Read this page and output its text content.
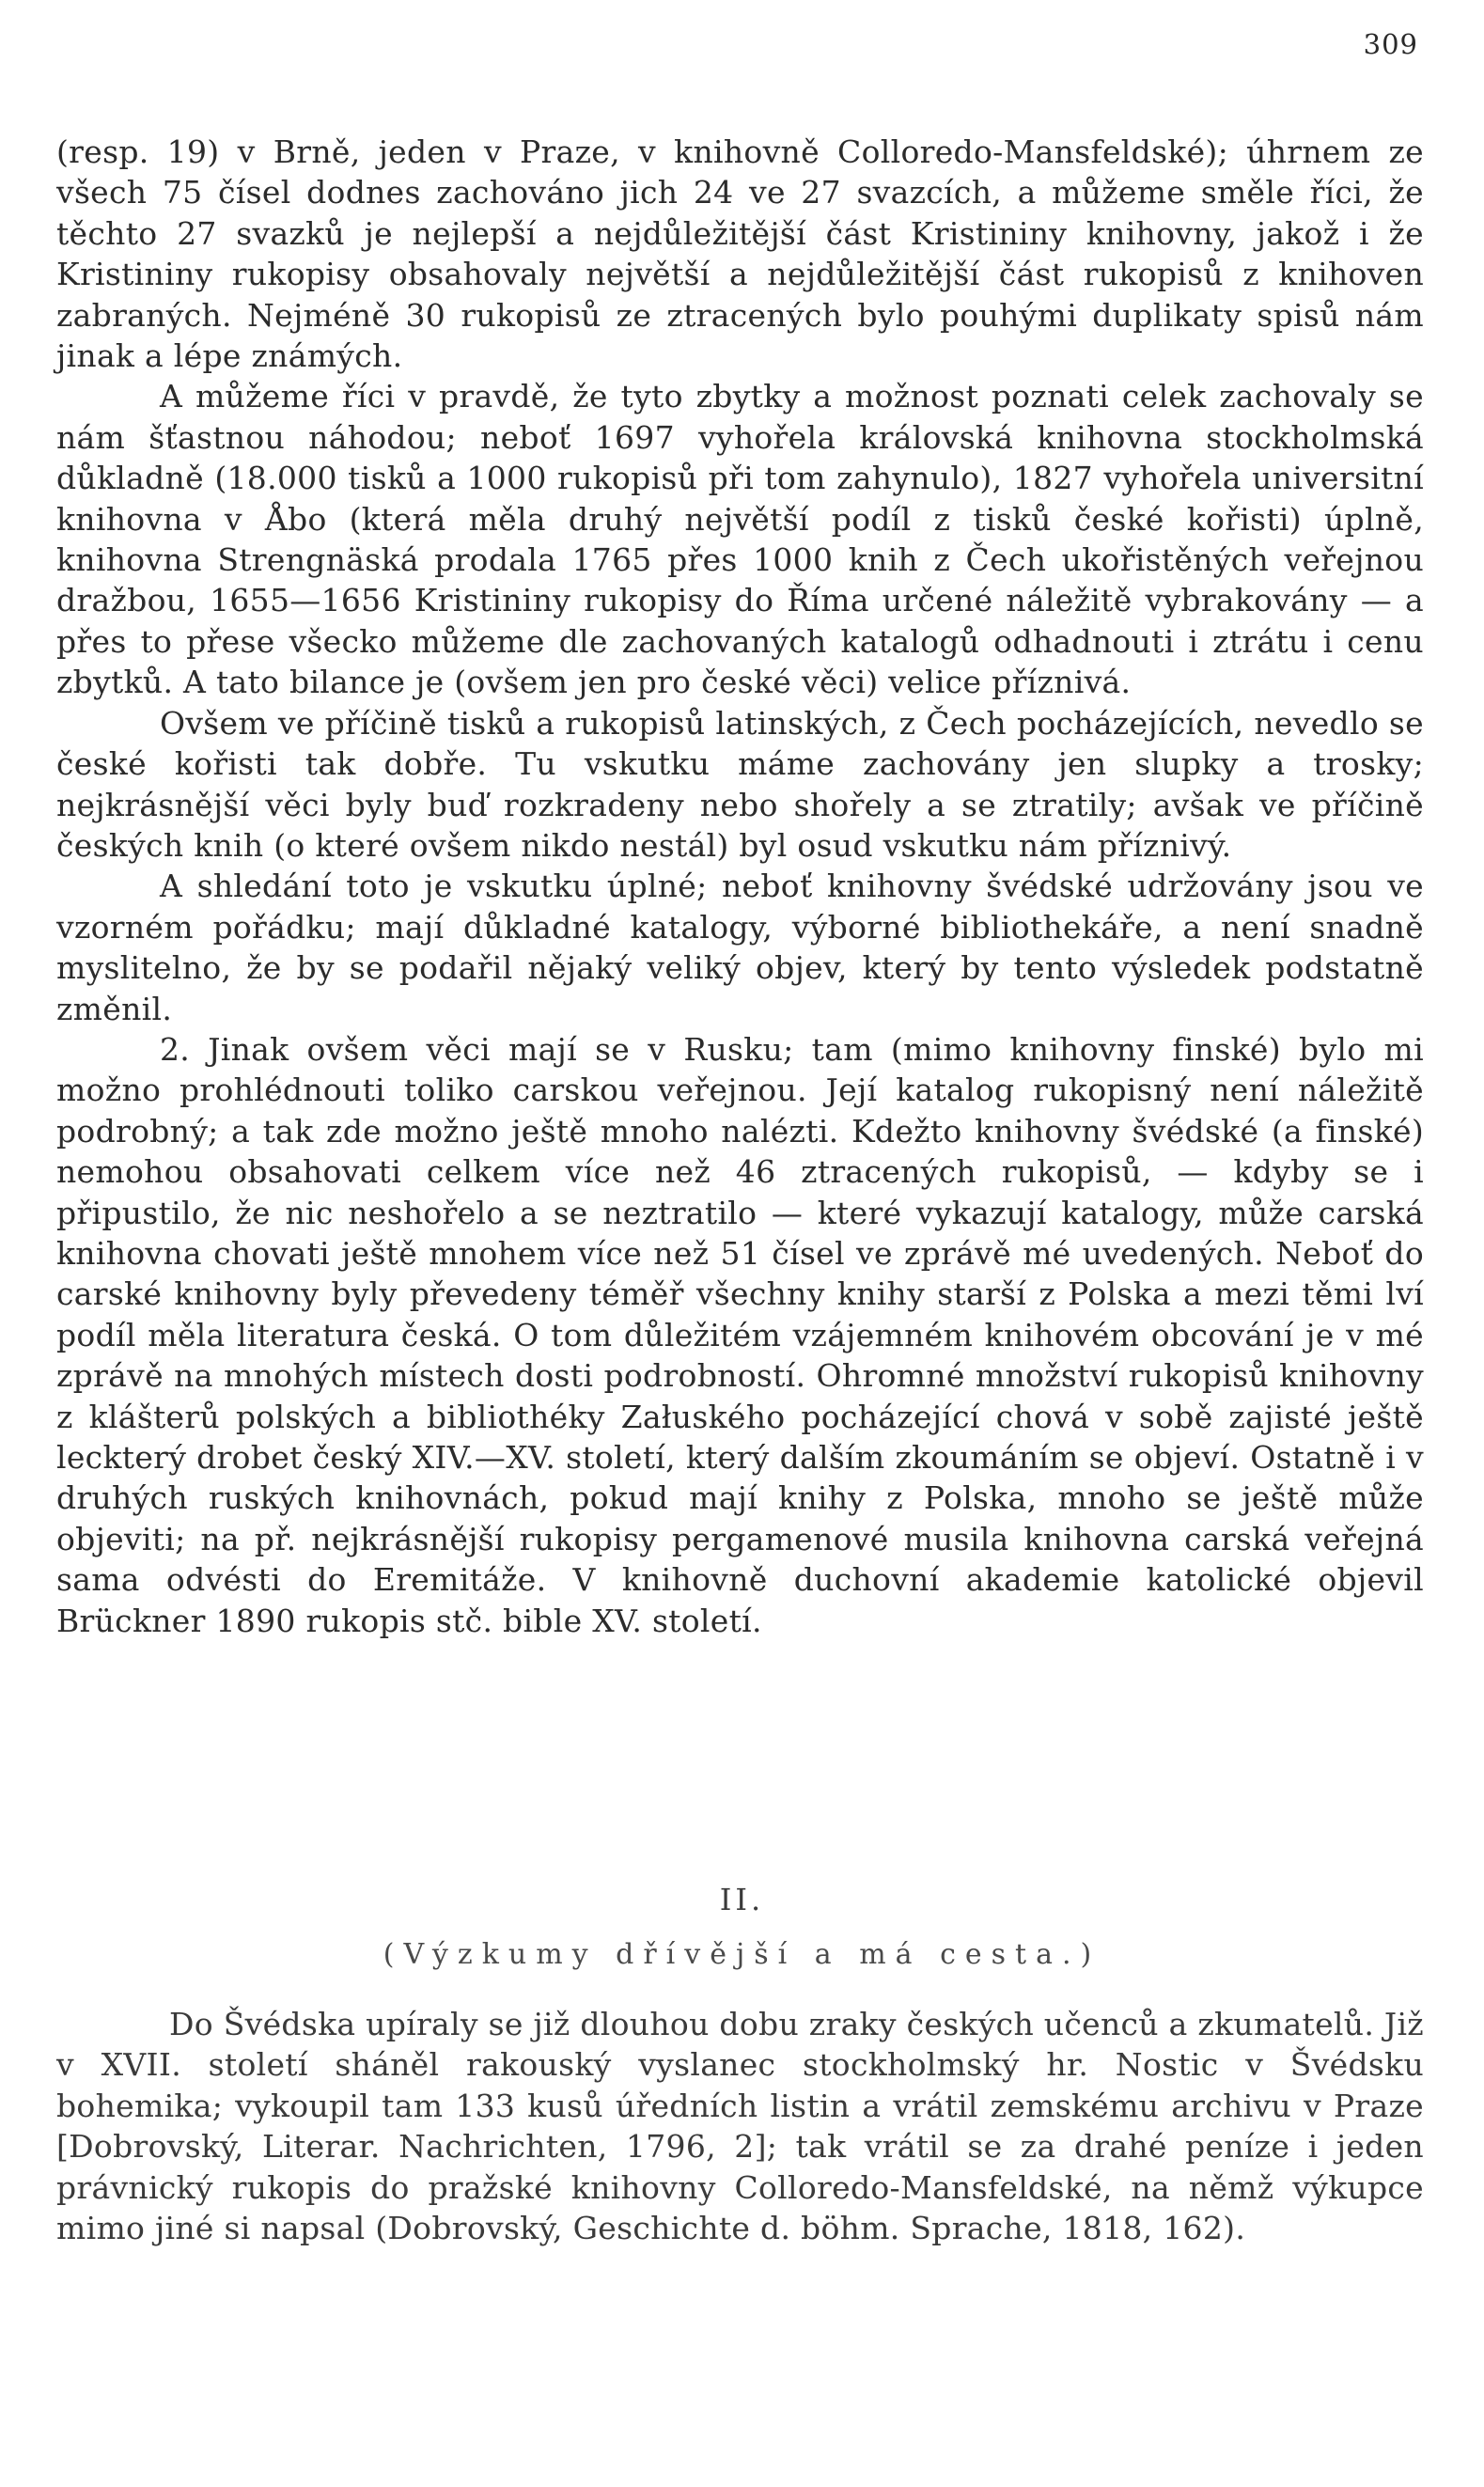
309

(resp. 19) v Brně, jeden v Praze, v knihovně Colloredo-Mansfeldské); úhrnem ze všech 75 čísel dodnes zachováno jich 24 ve 27 svazcích, a můžeme směle říci, že těchto 27 svazků je nejlepší a nejdůležitější část Kristininy knihovny, jakož i že Kristininy rukopisy obsahovaly největší a nejdůležitější část rukopisů z knihoven zabraných. Nejméně 30 rukopisů ze ztracených bylo pouhými duplikaty spisů nám jinak a lépe známých.

A můžeme říci v pravdě, že tyto zbytky a možnost poznati celek zachovaly se nám šťastnou náhodou; neboť 1697 vyhořela královská knihovna stockholmská důkladně (18.000 tisků a 1000 rukopisů při tom zahynulo), 1827 vyhořela universitní knihovna v Åbo (která měla druhý největší podíl z tisků české kořisti) úplně, knihovna Strengnäská prodala 1765 přes 1000 knih z Čech ukořistěných veřejnou dražbou, 1655—1656 Kristininy rukopisy do Říma určené náležitě vybrakovány — a přes to přese všecko můžeme dle zachovaných katalogů odhadnouti i ztrátu i cenu zbytků. A tato bilance je (ovšem jen pro české věci) velice příznivá.

Ovšem ve příčině tisků a rukopisů latinských, z Čech pocházejících, nevedlo se české kořisti tak dobře. Tu vskutku máme zachovány jen slupky a trosky; nejkrásnější věci byly buď rozkradeny nebo shořely a se ztratily; avšak ve příčině českých knih (o které ovšem nikdo nestál) byl osud vskutku nám příznivý.

A shledání toto je vskutku úplné; neboť knihovny švédské udržovány jsou ve vzorném pořádku; mají důkladné katalogy, výborné bibliothekáře, a není snadně myslitelno, že by se podařil nějaký veliký objev, který by tento výsledek podstatně změnil.

2. Jinak ovšem věci mají se v Rusku; tam (mimo knihovny finské) bylo mi možno prohlédnouti toliko carskou veřejnou. Její katalog rukopisný není náležitě podrobný; a tak zde možno ještě mnoho nalézti. Kdežto knihovny švédské (a finské) nemohou obsahovati celkem více než 46 ztracených rukopisů, — kdyby se i připustilo, že nic neshořelo a se neztratilo — které vykazují katalogy, může carská knihovna chovati ještě mnohem více než 51 čísel ve zprávě mé uvedených. Neboť do carské knihovny byly převedeny téměř všechny knihy starší z Polska a mezi těmi lví podíl měla literatura česká. O tom důležitém vzájemném knihovém obcování je v mé zprávě na mnohých místech dosti podrobností. Ohromné množství rukopisů knihovny z klášterů polských a bibliothéky Załuského pocházející chová v sobě zajisté ještě leckterý drobet český XIV.—XV. století, který dalším zkoumáním se objeví. Ostatně i v druhých ruských knihovnách, pokud mají knihy z Polska, mnoho se ještě může objeviti; na př. nejkrásnější rukopisy pergamenové musila knihovna carská veřejná sama odvésti do Eremitáže. V knihovně duchovní akademie katolické objevil Brückner 1890 rukopis stč. bible XV. století.

II.
(Výzkumy dřívější a má cesta.)

Do Švédska upíraly se již dlouhou dobu zraky českých učenců a zkumatelů. Již v XVII. století sháněl rakouský vyslanec stockholmský hr. Nostic v Švédsku bohemika; vykoupil tam 133 kusů úředních listin a vrátil zemskému archivu v Praze [Dobrovský, Literar. Nachrichten, 1796, 2]; tak vrátil se za drahé peníze i jeden právnický rukopis do pražské knihovny Colloredo-Mansfeldské, na němž výkupce mimo jiné si napsal (Dobrovský, Geschichte d. böhm. Sprache, 1818, 162).
